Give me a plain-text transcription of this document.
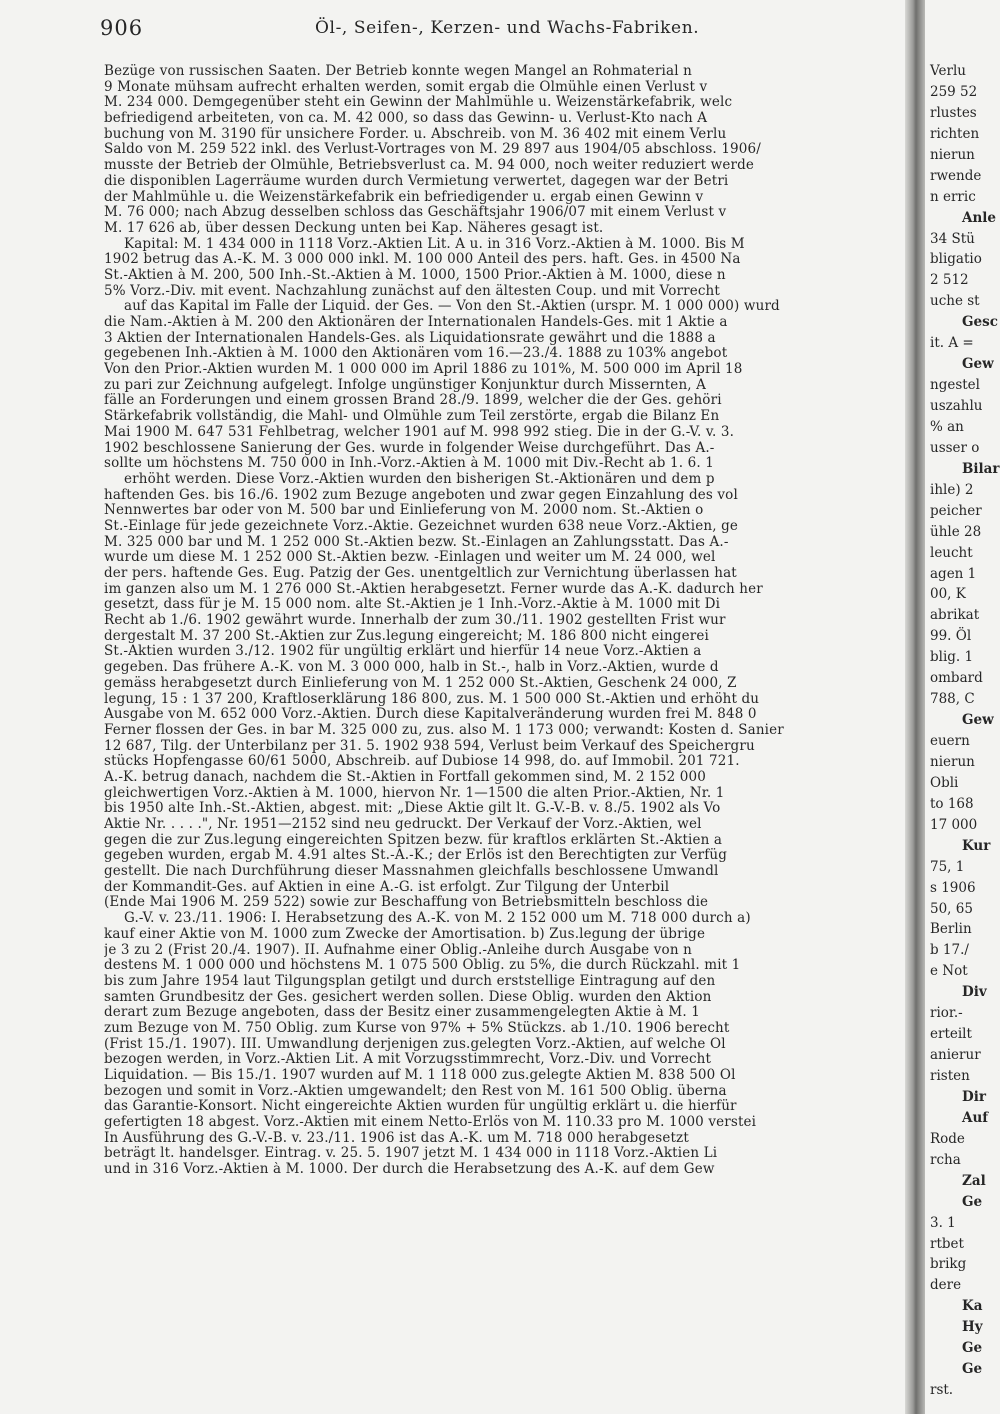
906	Öl-, Seifen-, Kerzen- und Wachs-Fabriken.
Bezüge von russischen Saaten. Der Betrieb konnte wegen Mangel an Rohmaterial n
9 Monate mühsam aufrecht erhalten werden, somit ergab die Ölmühle einen Verlust v
M. 234 000. Demgegenüber steht ein Gewinn der Mahlmühle u. Weizenstärkefabrik, welc
befriedigend arbeiteten, von ca. M. 42 000, so dass das Gewinn- u. Verlust-Kto nach A
buchung von M. 3190 für unsichere Forder. u. Abschreib. von M. 36 402 mit einem Verlu
Saldo von M. 259 522 inkl. des Verlust-Vortrages von M. 29 897 aus 1904/05 abschloss. 1906/
musste der Betrieb der Ölmühle, Betriebsverlust ca. M. 94 000, noch weiter reduziert werde
die disponiblen Lagerräume wurden durch Vermietung verwertet, dagegen war der Betri
der Mahlmühle u. die Weizenstärkefabrik ein befriedigender u. ergab einen Gewinn v
M. 76 000; nach Abzug desselben schloss das Geschäftsjahr 1906/07 mit einem Verlust v
M. 17 626 ab, über dessen Deckung unten bei Kap. Näheres gesagt ist.
Kapital: M. 1 434 000 in 1118 Vorz.-Aktien Lit. A u. in 316 Vorz.-Aktien à M. 1000. Bis M
1902 betrug das A.-K. M. 3 000 000 inkl. M. 100 000 Anteil des pers. haft. Ges. in 4500 Na
St.-Aktien à M. 200, 500 Inh.-St.-Aktien à M. 1000, 1500 Prior.-Aktien à M. 1000, diese n
5% Vorz.-Div. mit event. Nachzahlung zunächst auf den ältesten Coup. und mit Vorrecht
auf das Kapital im Falle der Liquid. der Ges. — Von den St.-Aktien (urspr. M. 1 000 000) wurd
die Nam.-Aktien à M. 200 den Aktionären der Internationalen Handels-Ges. mit 1 Aktie a
3 Aktien der Internationalen Handels-Ges. als Liquidationsrate gewährt und die 1888 a
gegebenen Inh.-Aktien à M. 1000 den Aktionären vom 16.—23./4. 1888 zu 103% angebot
Von den Prior.-Aktien wurden M. 1 000 000 im April 1886 zu 101%, M. 500 000 im April 18
zu pari zur Zeichnung aufgelegt. Infolge ungünstiger Konjunktur durch Missernten, A
fälle an Forderungen und einem grossen Brand 28./9. 1899, welcher die der Ges. gehöri
Stärkefabrik vollständig, die Mahl- und Ölmühle zum Teil zerstörte, ergab die Bilanz En
Mai 1900 M. 647 531 Fehlbetrag, welcher 1901 auf M. 998 992 stieg. Die in der G.-V. v. 3.
1902 beschlossene Sanierung der Ges. wurde in folgender Weise durchgeführt. Das A.-
sollte um höchstens M. 750 000 in Inh.-Vorz.-Aktien à M. 1000 mit Div.-Recht ab 1. 6. 1
erhöht werden. Diese Vorz.-Aktien wurden den bisherigen St.-Aktionären und dem p
haftenden Ges. bis 16./6. 1902 zum Bezuge angeboten und zwar gegen Einzahlung des vol
Nennwertes bar oder von M. 500 bar und Einlieferung von M. 2000 nom. St.-Aktien o
St.-Einlage für jede gezeichnete Vorz.-Aktie. Gezeichnet wurden 638 neue Vorz.-Aktien, ge
M. 325 000 bar und M. 1 252 000 St.-Aktien bezw. St.-Einlagen an Zahlungsstatt. Das A.-
wurde um diese M. 1 252 000 St.-Aktien bezw. -Einlagen und weiter um M. 24 000, wel
der pers. haftende Ges. Eug. Patzig der Ges. unentgeltlich zur Vernichtung überlassen hat
im ganzen also um M. 1 276 000 St.-Aktien herabgesetzt. Ferner wurde das A.-K. dadurch her
gesetzt, dass für je M. 15 000 nom. alte St.-Aktien je 1 Inh.-Vorz.-Aktie à M. 1000 mit Di
Recht ab 1./6. 1902 gewährt wurde. Innerhalb der zum 30./11. 1902 gestellten Frist wur
dergestalt M. 37 200 St.-Aktien zur Zus.legung eingereicht; M. 186 800 nicht eingerei
St.-Aktien wurden 3./12. 1902 für ungültig erklärt und hierfür 14 neue Vorz.-Aktien a
gegeben. Das frühere A.-K. von M. 3 000 000, halb in St.-, halb in Vorz.-Aktien, wurde d
gemäss herabgesetzt durch Einlieferung von M. 1 252 000 St.-Aktien, Geschenk 24 000, Z
legung, 15 : 1 37 200, Kraftloserklärung 186 800, zus. M. 1 500 000 St.-Aktien und erhöht du
Ausgabe von M. 652 000 Vorz.-Aktien. Durch diese Kapitalveränderung wurden frei M. 848 0
Ferner flossen der Ges. in bar M. 325 000 zu, zus. also M. 1 173 000; verwandt: Kosten d. Sanier
12 687, Tilg. der Unterbilanz per 31. 5. 1902 938 594, Verlust beim Verkauf des Speichergru
stücks Hopfengasse 60/61 5000, Abschreib. auf Dubiose 14 998, do. auf Immobil. 201 721.
A.-K. betrug danach, nachdem die St.-Aktien in Fortfall gekommen sind, M. 2 152 000
gleichwertigen Vorz.-Aktien à M. 1000, hiervon Nr. 1—1500 die alten Prior.-Aktien, Nr. 1
bis 1950 alte Inh.-St.-Aktien, abgest. mit: „Diese Aktie gilt lt. G.-V.-B. v. 8./5. 1902 als Vo
Aktie Nr. . . . .", Nr. 1951—2152 sind neu gedruckt. Der Verkauf der Vorz.-Aktien, wel
gegen die zur Zus.legung eingereichten Spitzen bezw. für kraftlos erklärten St.-Aktien a
gegeben wurden, ergab M. 4.91 altes St.-A.-K.; der Erlös ist den Berechtigten zur Verfüg
gestellt. Die nach Durchführung dieser Massnahmen gleichfalls beschlossene Umwandl
der Kommandit-Ges. auf Aktien in eine A.-G. ist erfolgt. Zur Tilgung der Unterbil
(Ende Mai 1906 M. 259 522) sowie zur Beschaffung von Betriebsmitteln beschloss die
G.-V. v. 23./11. 1906: I. Herabsetzung des A.-K. von M. 2 152 000 um M. 718 000 durch a)
kauf einer Aktie von M. 1000 zum Zwecke der Amortisation. b) Zus.legung der übrige
je 3 zu 2 (Frist 20./4. 1907). II. Aufnahme einer Oblig.-Anleihe durch Ausgabe von n
destens M. 1 000 000 und höchstens M. 1 075 500 Oblig. zu 5%, die durch Rückzahl. mit 1
bis zum Jahre 1954 laut Tilgungsplan getilgt und durch erststellige Eintragung auf den
samten Grundbesitz der Ges. gesichert werden sollen. Diese Oblig. wurden den Aktion
derart zum Bezuge angeboten, dass der Besitz einer zusammengelegten Aktie à M. 1
zum Bezuge von M. 750 Oblig. zum Kurse von 97% + 5% Stückzs. ab 1./10. 1906 berecht
(Frist 15./1. 1907). III. Umwandlung derjenigen zus.gelegten Vorz.-Aktien, auf welche Ol
bezogen werden, in Vorz.-Aktien Lit. A mit Vorzugsstimmrecht, Vorz.-Div. und Vorrecht
Liquidation. — Bis 15./1. 1907 wurden auf M. 1 118 000 zus.gelegte Aktien M. 838 500 Ol
bezogen und somit in Vorz.-Aktien umgewandelt; den Rest von M. 161 500 Oblig. überna
das Garantie-Konsort. Nicht eingereichte Aktien wurden für ungültig erklärt u. die hierfür
gefertigten 18 abgest. Vorz.-Aktien mit einem Netto-Erlös von M. 110.33 pro M. 1000 verstei
In Ausführung des G.-V.-B. v. 23./11. 1906 ist das A.-K. um M. 718 000 herabgesetzt
beträgt lt. handelsger. Eintrag. v. 25. 5. 1907 jetzt M. 1 434 000 in 1118 Vorz.-Aktien Li
und in 316 Vorz.-Aktien à M. 1000. Der durch die Herabsetzung des A.-K. auf dem Gew
Verlu
259 52
rlustes
richten
nierun
rwende
n erric
Anle
34 Stü
bligatio
2 512
uche st
Gesc
it. A =
Gew
ngestel
uszahlu
% an
usser o
Bilar
ihle) 2
peicher
ühle 28
leucht
agen 1
00, K
abrikat
99. Öl
blig. 1
ombard
788, C
Gew
euern
nierun
Obli
to 168
17 000
Kur
75, 1
s 1906
50, 65
Berlin
b 17./
e Not
Div
rior.-
erteilt
anierur
risten
Dir
Auf
Rode
rcha
Zal
Ge
3. 1
rtbet
brikg
dere
Ka
Hy
Ge
Ge
rst.
